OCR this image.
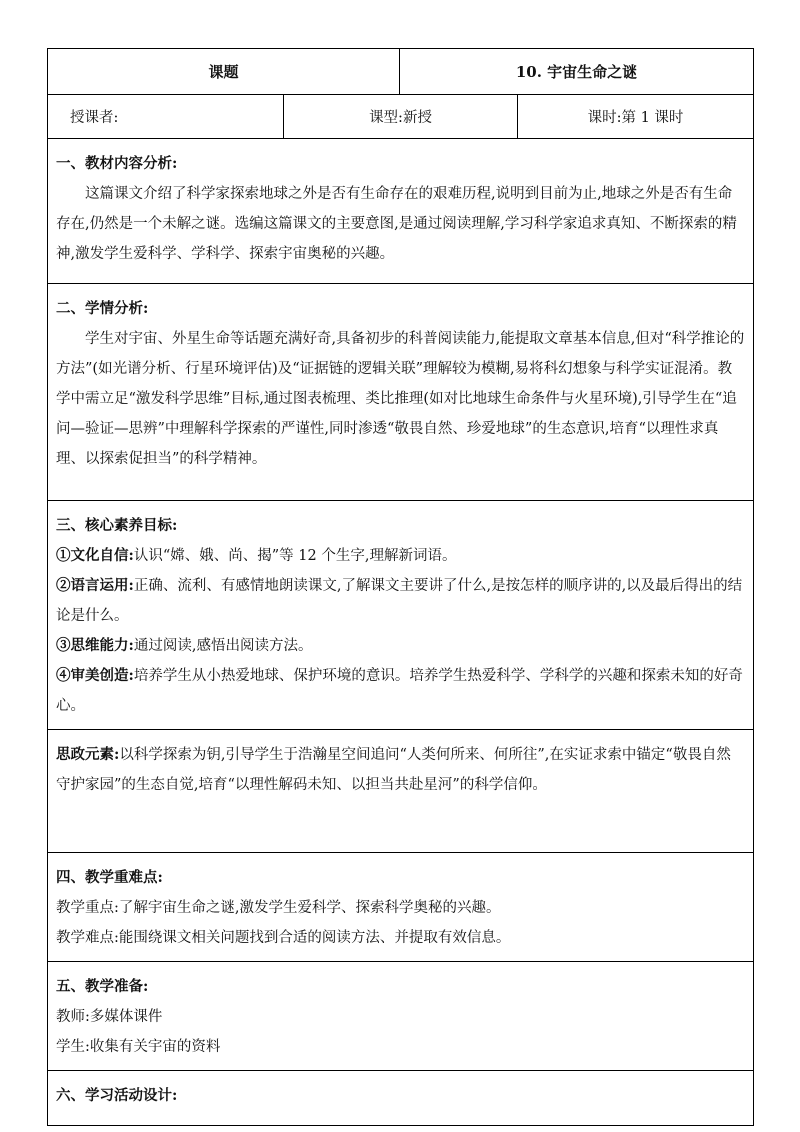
课题		10. 宇宙生命之谜	
授课者:	课型:新授		课时:第 1 课时

一、教材内容分析:

这篇课文介绍了科学家探索地球之外是否有生命存在的艰难历程,说明到目前为止,地球之外是否有生命存在,仍然是一个未解之谜。选编这篇课文的主要意图,是通过阅读理解,学习科学家追求真知、不断探索的精神,激发学生爱科学、学科学、探索宇宙奥秘的兴趣。			

二、学情分析:

学生对宇宙、外星生命等话题充满好奇,具备初步的科普阅读能力,能提取文章基本信息,但对“科学推论的方法”(如光谱分析、行星环境评估)及“证据链的逻辑关联”理解较为模糊,易将科幻想象与科学实证混淆。教学中需立足“激发科学思维”目标,通过图表梳理、类比推理(如对比地球生命条件与火星环境),引导学生在“追问—验证—思辨”中理解科学探索的严谨性,同时渗透“敬畏自然、珍爱地球”的生态意识,培育“以理性求真理、以探索促担当”的科学精神。			

三、核心素养目标:

①文化自信:认识“嫦、娥、尚、揭”等 12 个生字,理解新词语。

②语言运用:正确、流利、有感情地朗读课文,了解课文主要讲了什么,是按怎样的顺序讲的,以及最后得出的结论是什么。

③思维能力:通过阅读,感悟出阅读方法。

④审美创造:培养学生从小热爱地球、保护环境的意识。培养学生热爱科学、学科学的兴趣和探索未知的好奇心。			

思政元素:以科学探索为钥,引导学生于浩瀚星空间追问“人类何所来、何所往”,在实证求索中锚定“敬畏自然守护家园”的生态自觉,培育“以理性解码未知、以担当共赴星河”的科学信仰。			

四、教学重难点:

教学重点:了解宇宙生命之谜,激发学生爱科学、探索科学奥秘的兴趣。

教学难点:能围绕课文相关问题找到合适的阅读方法、并提取有效信息。			

五、教学准备:

教师:多媒体课件

学生:收集有关宇宙的资料			

六、学习活动设计:			
